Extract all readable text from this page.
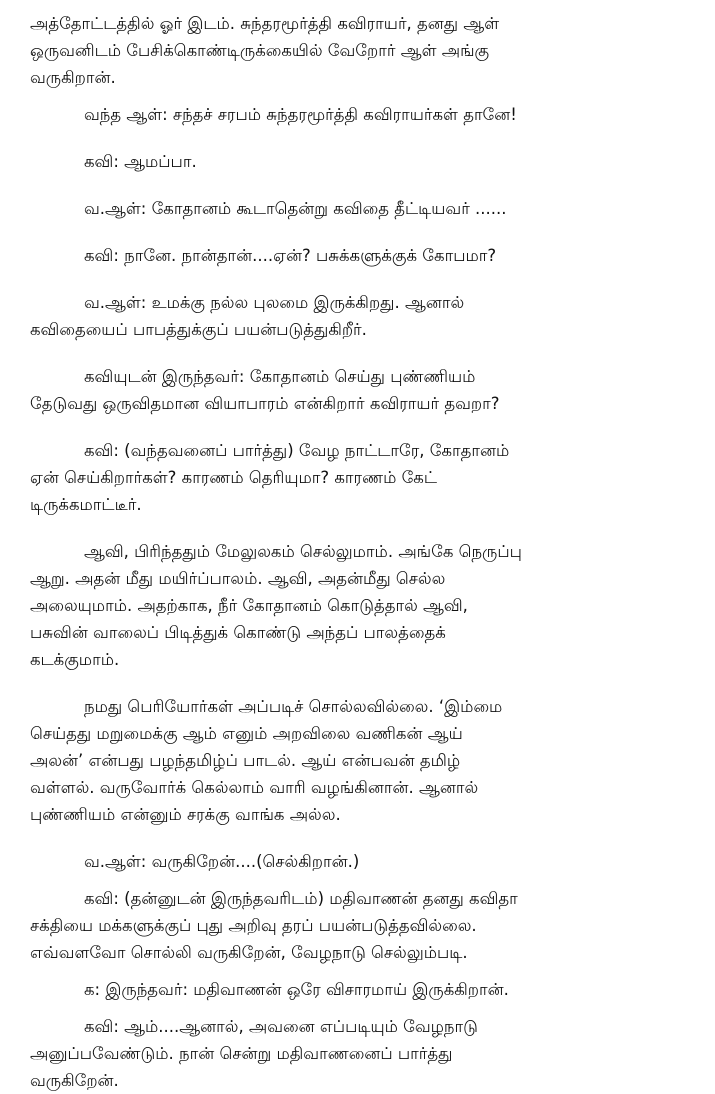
அத்தோட்டத்தில் ஓர் இடம். சுந்தரமூர்த்தி கவிராயர், தனது ஆள்
ஒருவனிடம் பேசிக்கொண்டிருக்கையில் வேறோர் ஆள் அங்கு
வருகிறான்.

வந்த ஆள்: சந்தச் சரபம் சுந்தரமூர்த்தி கவிராயர்கள் தானே!

கவி: ஆமப்பா.

வ.ஆள்: கோதானம் கூடாதென்று கவிதை தீட்டியவர் ......

கவி: நானே. நான்தான்....ஏன்? பசுக்களுக்குக் கோபமா?

வ.ஆள்: உமக்கு நல்ல புலமை இருக்கிறது. ஆனால்
கவிதையைப் பாபத்துக்குப் பயன்படுத்துகிறீர்.

கவியுடன் இருந்தவர்: கோதானம் செய்து புண்ணியம்
தேடுவது ஒருவிதமான வியாபாரம் என்கிறார் கவிராயர் தவறா?

கவி: (வந்தவனைப் பார்த்து) வேழ நாட்டாரே, கோதானம்
ஏன் செய்கிறார்கள்? காரணம் தெரியுமா? காரணம் கேட்
டிருக்கமாட்டீர்.

ஆவி, பிரிந்ததும் மேலுலகம் செல்லுமாம். அங்கே நெருப்பு
ஆறு. அதன் மீது மயிர்ப்பாலம். ஆவி, அதன்மீது செல்ல
அலையுமாம். அதற்காக, நீர் கோதானம் கொடுத்தால் ஆவி,
பசுவின் வாலைப் பிடித்துக் கொண்டு அந்தப் பாலத்தைக்
கடக்குமாம்.

நமது பெரியோர்கள் அப்படிச் சொல்லவில்லை. ‘இம்மை
செய்தது மறுமைக்கு ஆம் எனும் அறவிலை வணிகன் ஆய்
அலன்’ என்பது பழந்தமிழ்ப் பாடல். ஆய் என்பவன் தமிழ்
வள்ளல். வருவோர்க் கெல்லாம் வாரி வழங்கினான். ஆனால்
புண்ணியம் என்னும் சரக்கு வாங்க அல்ல.

வ.ஆள்: வருகிறேன்....(செல்கிறான்.)

கவி: (தன்னுடன் இருந்தவரிடம்) மதிவாணன் தனது கவிதா
சக்தியை மக்களுக்குப் புது அறிவு தரப் பயன்படுத்தவில்லை.
எவ்வளவோ சொல்லி வருகிறேன், வேழநாடு செல்லும்படி.

க: இருந்தவர்: மதிவாணன் ஒரே விசாரமாய் இருக்கிறான்.

கவி: ஆம்....ஆனால், அவனை எப்படியும் வேழநாடு
அனுப்பவேண்டும். நான் சென்று மதிவாணனைப் பார்த்து
வருகிறேன்.
